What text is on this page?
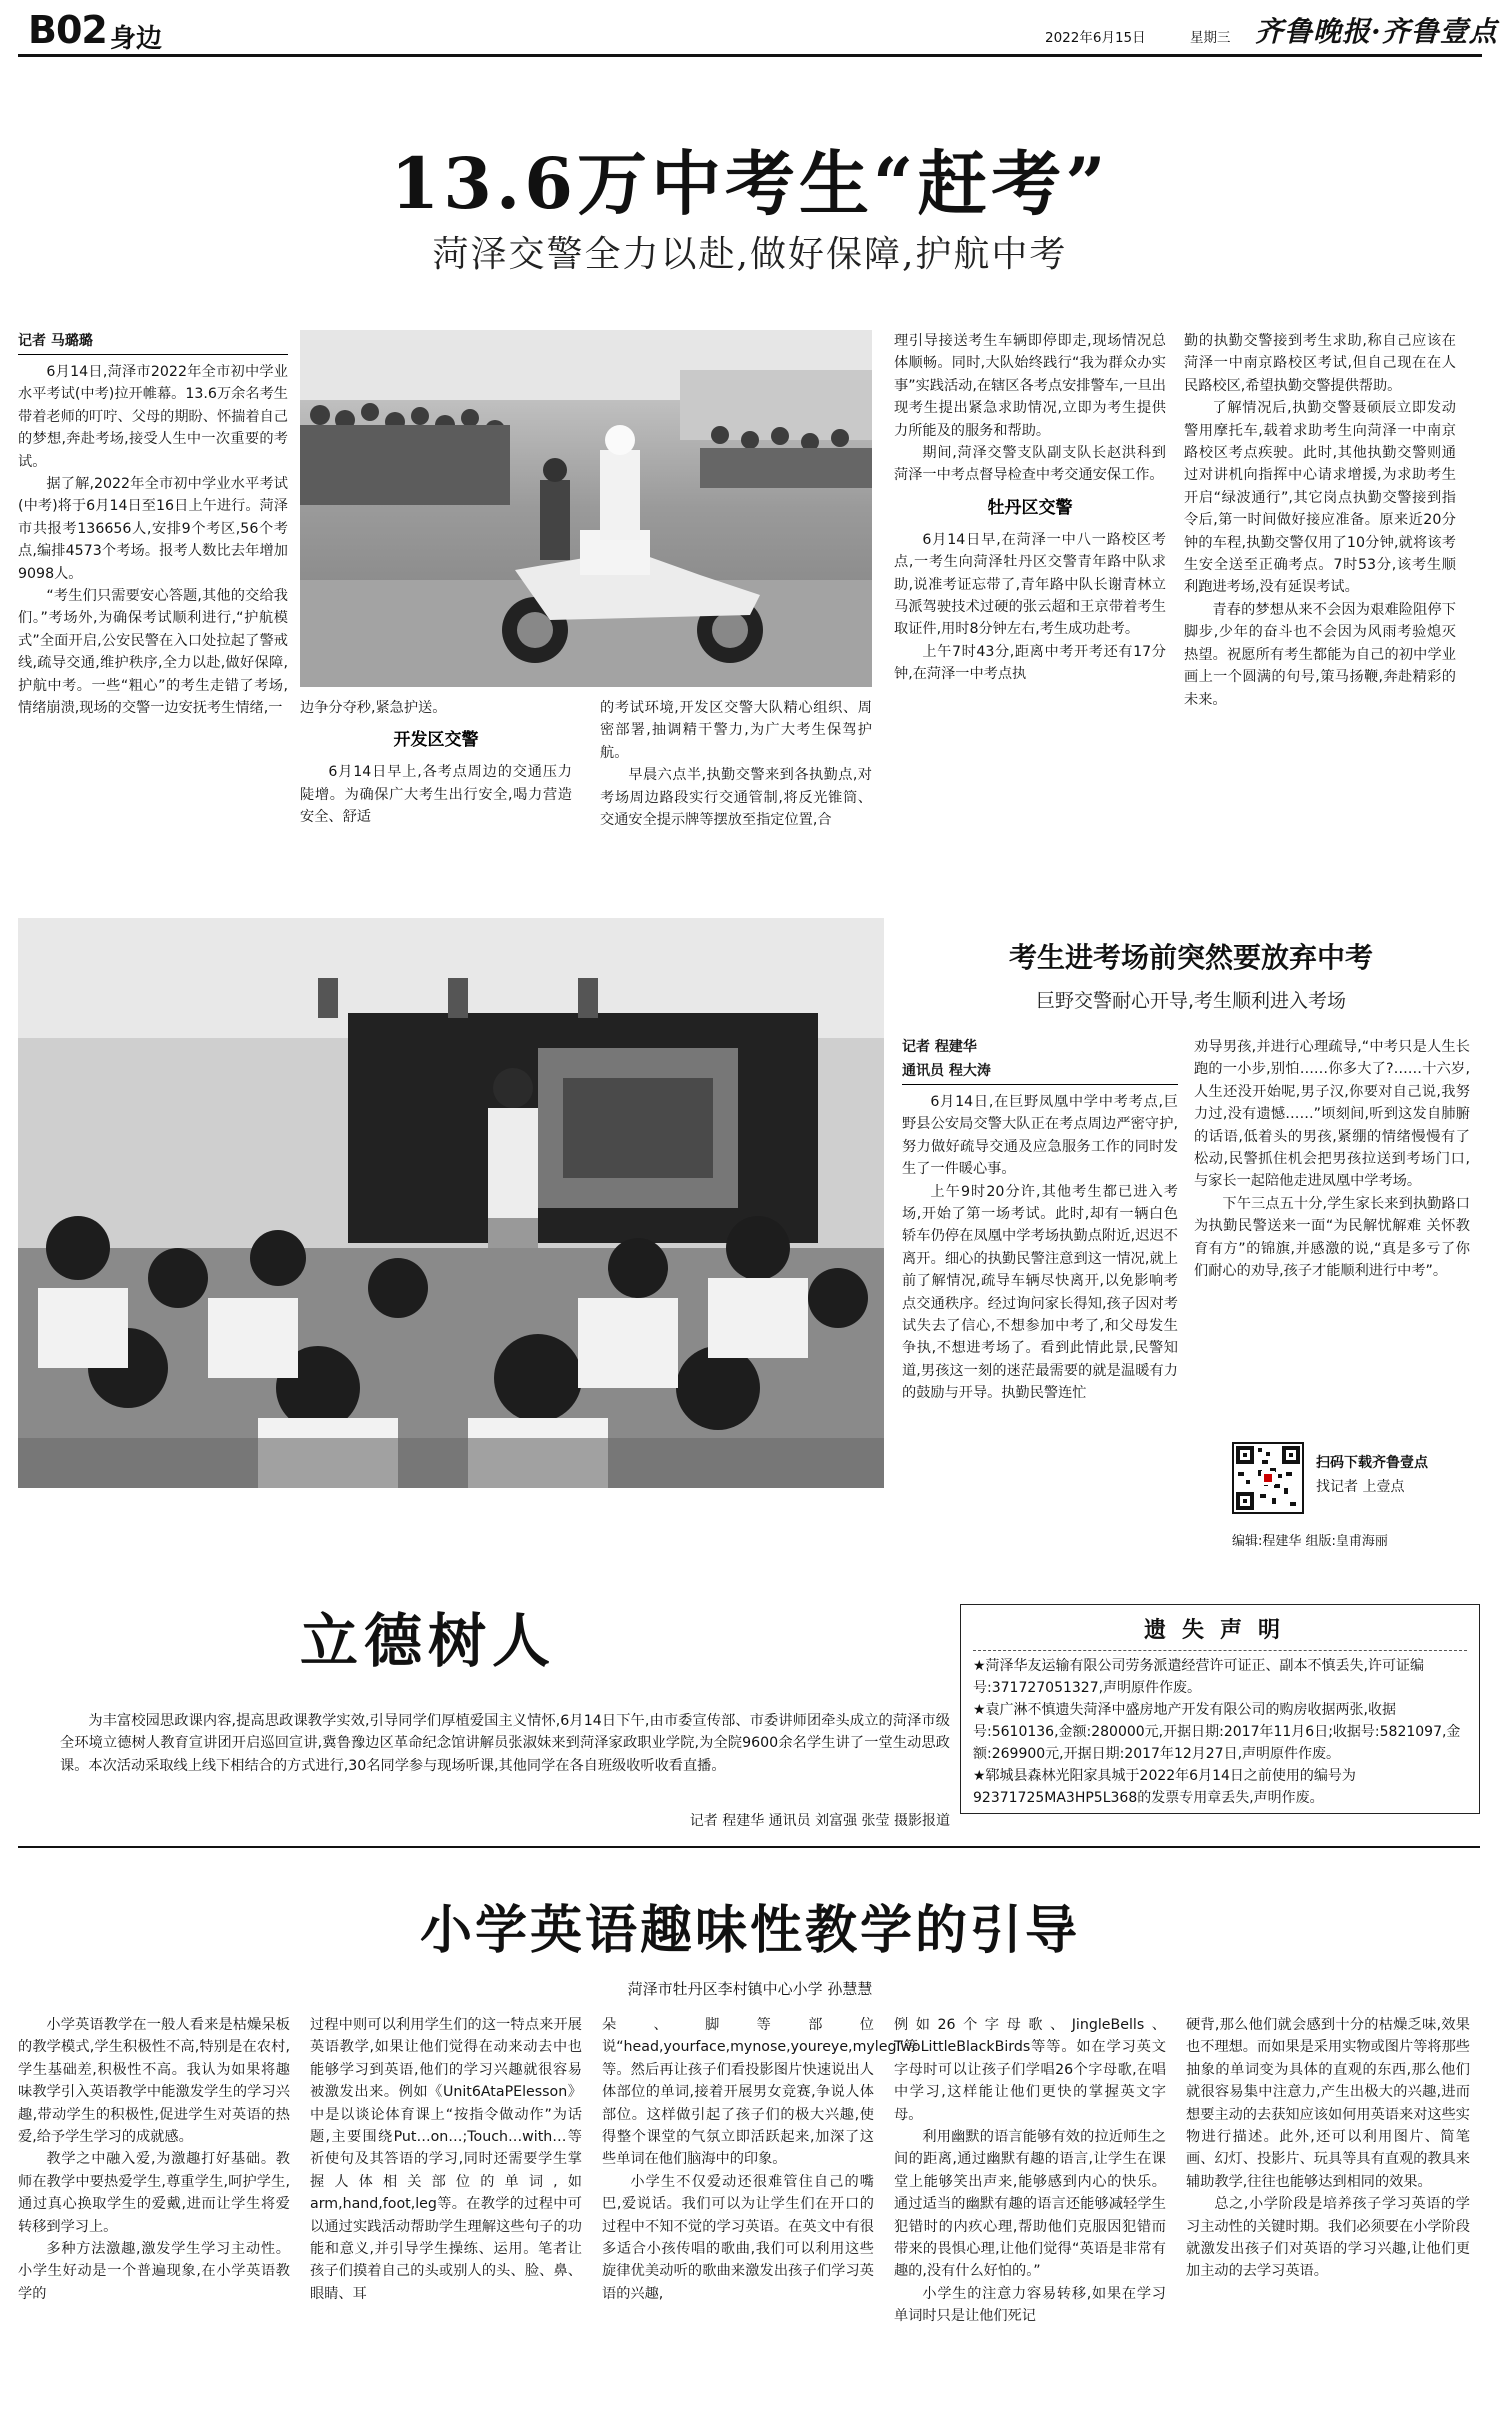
B02 身边	2022年6月15日	星期三 齐鲁晚报·齐鲁壹点
13.6万中考生“赶考”
菏泽交警全力以赴,做好保障,护航中考
记者 马璐璐

6月14日,菏泽市2022年全市初中学业水平考试(中考)拉开帷幕。13.6万余名考生带着老师的叮咛、父母的期盼、怀揣着自己的梦想,奔赴考场,接受人生中一次重要的考试。

据了解,2022年全市初中学业水平考试(中考)将于6月14日至16日上午进行。菏泽市共报考136656人,安排9个考区,56个考点,编排4573个考场。报考人数比去年增加9098人。

“考生们只需要安心答题,其他的交给我们。”考场外,为确保考试顺利进行,“护航模式”全面开启,公安民警在入口处拉起了警戒线,疏导交通,维护秩序,全力以赴,做好保障,护航中考。一些“粗心”的考生走错了考场,情绪崩溃,现场的交警一边安抚考生情绪,一	边争分夺秒,紧急护送。

开发区交警

6月14日早上,各考点周边的交通压力陡增。为确保广大考生出行安全,喝力营造安全、舒适

的考试环境,开发区交警大队精心组织、周密部署,抽调精干警力,为广大考生保驾护航。

早晨六点半,执勤交警来到各执勤点,对考场周边路段实行交通管制,将反光锥筒、交通安全提示牌等摆放至指定位置,合

理引导接送考生车辆即停即走,现场情况总体顺畅。同时,大队始终践行“我为群众办实事”实践活动,在辖区各考点安排警车,一旦出现考生提出紧急求助情况,立即为考生提供力所能及的服务和帮助。

期间,菏泽交警支队副支队长赵洪科到菏泽一中考点督导检查中考交通安保工作。

牡丹区交警

6月14日早,在菏泽一中八一路校区考点,一考生向菏泽牡丹区交警青年路中队求助,说准考证忘带了,青年路中队长谢青林立马派驾驶技术过硬的张云超和王京带着考生取证件,用时8分钟左右,考生成功赴考。

上午7时43分,距离中考开考还有17分钟,在菏泽一中考点执

勤的执勤交警接到考生求助,称自己应该在菏泽一中南京路校区考试,但自己现在在人民路校区,希望执勤交警提供帮助。

了解情况后,执勤交警聂硕辰立即发动警用摩托车,载着求助考生向菏泽一中南京路校区考点疾驶。此时,其他执勤交警则通过对讲机向指挥中心请求增援,为求助考生开启“绿波通行”,其它岗点执勤交警接到指令后,第一时间做好接应准备。原来近20分钟的车程,执勤交警仅用了10分钟,就将该考生安全送至正确考点。7时53分,该考生顺利跑进考场,没有延误考试。

青春的梦想从来不会因为艰难险阻停下脚步,少年的奋斗也不会因为风雨考验熄灭热望。祝愿所有考生都能为自己的初中学业画上一个圆满的句号,策马扬鞭,奔赴精彩的未来。

考生进考场前突然要放弃中考
巨野交警耐心开导,考生顺利进入考场
记者 程建华
通讯员 程大涛

6月14日,在巨野凤凰中学中考考点,巨野县公安局交警大队正在考点周边严密守护,努力做好疏导交通及应急服务工作的同时发生了一件暖心事。

上午9时20分许,其他考生都已进入考场,开始了第一场考试。此时,却有一辆白色轿车仍停在凤凰中学考场执勤点附近,迟迟不离开。细心的执勤民警注意到这一情况,就上前了解情况,疏导车辆尽快离开,以免影响考点交通秩序。经过询问家长得知,孩子因对考试失去了信心,不想参加中考了,和父母发生争执,不想进考场了。看到此情此景,民警知道,男孩这一刻的迷茫最需要的就是温暖有力的鼓励与开导。执勤民警连忙

劝导男孩,并进行心理疏导,“中考只是人生长跑的一小步,别怕……你多大了?……十六岁,人生还没开始呢,男子汉,你要对自己说,我努力过,没有遗憾……”顷刻间,听到这发自肺腑的话语,低着头的男孩,紧绷的情绪慢慢有了松动,民警抓住机会把男孩拉送到考场门口,与家长一起陪他走进凤凰中学考场。

下午三点五十分,学生家长来到执勤路口为执勤民警送来一面“为民解忧解难 关怀教育有方”的锦旗,并感激的说,“真是多亏了你们耐心的劝导,孩子才能顺利进行中考”。

扫码下载齐鲁壹点
找记者 上壹点
编辑:程建华 组版:皇甫海丽
遗失声明
★菏泽华友运输有限公司劳务派遣经营许可证正、副本不慎丢失,许可证编号:371727051327,声明原件作废。
★袁广淋不慎遗失菏泽中盛房地产开发有限公司的购房收据两张,收据号:5610136,金额:280000元,开据日期:2017年11月6日;收据号:5821097,金额:269900元,开据日期:2017年12月27日,声明原件作废。
★郓城县森林光阳家具城于2022年6月14日之前使用的编号为92371725MA3HP5L368的发票专用章丢失,声明作废。
立德树人
为丰富校园思政课内容,提高思政课教学实效,引导同学们厚植爱国主义情怀,6月14日下午,由市委宣传部、市委讲师团牵头成立的菏泽市级全环境立德树人教育宣讲团开启巡回宣讲,冀鲁豫边区革命纪念馆讲解员张淑妹来到菏泽家政职业学院,为全院9600余名学生讲了一堂生动思政课。本次活动采取线上线下相结合的方式进行,30名同学参与现场听课,其他同学在各自班级收听收看直播。
记者 程建华 通讯员 刘富强 张莹 摄影报道
小学英语趣味性教学的引导
菏泽市牡丹区李村镇中心小学 孙慧慧

小学英语教学在一般人看来是枯燥呆板的教学模式,学生积极性不高,特别是在农村,学生基础差,积极性不高。我认为如果将趣味教学引入英语教学中能激发学生的学习兴趣,带动学生的积极性,促进学生对英语的热爱,给予学生学习的成就感。

教学之中融入爱,为激趣打好基础。教师在教学中要热爱学生,尊重学生,呵护学生,通过真心换取学生的爱戴,进而让学生将爱转移到学习上。

多种方法激趣,激发学生学习主动性。小学生好动是一个普遍现象,在小学英语教学的

过程中则可以利用学生们的这一特点来开展英语教学,如果让他们觉得在动来动去中也能够学习到英语,他们的学习兴趣就很容易被激发出来。例如《Unit6AtaPElesson》中是以谈论体育课上“按指令做动作”为话题,主要围绕Put…on…;Touch…with…等祈使句及其答语的学习,同时还需要学生掌握人体相关部位的单词,如arm,hand,foot,leg等。在教学的过程中可以通过实践活动帮助学生理解这些句子的功能和意义,并引导学生操练、运用。笔者让孩子们摸着自己的头或别人的头、脸、鼻、眼睛、耳

朵、脚等部位说“head,yourface,mynose,youreye,myleg”等等。然后再让孩子们看投影图片快速说出人体部位的单词,接着开展男女竞赛,争说人体部位。这样做引起了孩子们的极大兴趣,使得整个课堂的气氛立即活跃起来,加深了这些单词在他们脑海中的印象。

小学生不仅爱动还很难管住自己的嘴巴,爱说话。我们可以为让学生们在开口的过程中不知不觉的学习英语。在英文中有很多适合小孩传唱的歌曲,我们可以利用这些旋律优美动听的歌曲来激发出孩子们学习英语的兴趣,

例如26个字母歌、JingleBells、TwoLittleBlackBirds等等。如在学习英文字母时可以让孩子们学唱26个字母歌,在唱中学习,这样能让他们更快的掌握英文字母。

利用幽默的语言能够有效的拉近师生之间的距离,通过幽默有趣的语言,让学生在课堂上能够笑出声来,能够感到内心的快乐。通过适当的幽默有趣的语言还能够减轻学生犯错时的内疚心理,帮助他们克服因犯错而带来的畏惧心理,让他们觉得“英语是非常有趣的,没有什么好怕的。”

小学生的注意力容易转移,如果在学习单词时只是让他们死记

硬背,那么他们就会感到十分的枯燥乏味,效果也不理想。而如果是采用实物或图片等将那些抽象的单词变为具体的直观的东西,那么他们就很容易集中注意力,产生出极大的兴趣,进而想要主动的去获知应该如何用英语来对这些实物进行描述。此外,还可以利用图片、简笔画、幻灯、投影片、玩具等具有直观的教具来辅助教学,往往也能够达到相同的效果。

总之,小学阶段是培养孩子学习英语的学习主动性的关键时期。我们必须要在小学阶段就激发出孩子们对英语的学习兴趣,让他们更加主动的去学习英语。
